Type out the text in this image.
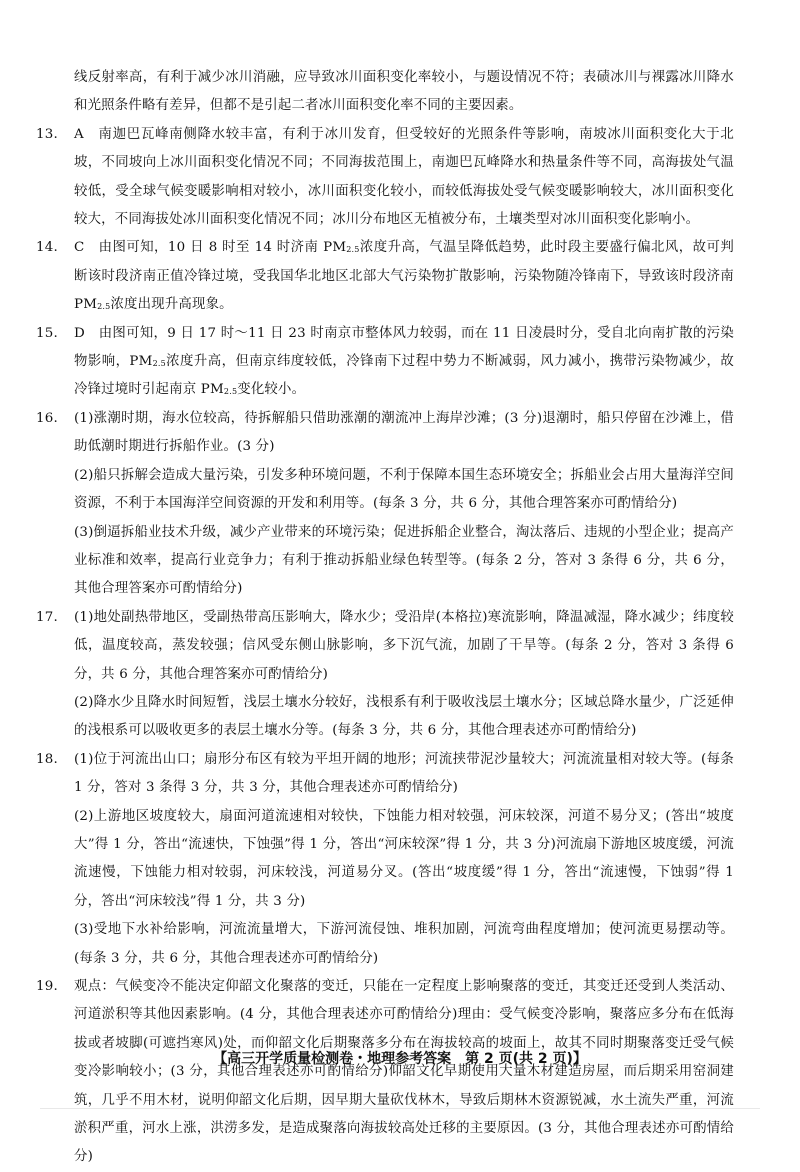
线反射率高，有利于减少冰川消融，应导致冰川面积变化率较小，与题设情况不符；表碛冰川与裸露冰川降水和光照条件略有差异，但都不是引起二者冰川面积变化率不同的主要因素。

13.	A　南迦巴瓦峰南侧降水较丰富，有利于冰川发育，但受较好的光照条件等影响，南坡冰川面积变化大于北坡，不同坡向上冰川面积变化情况不同；不同海拔范围上，南迦巴瓦峰降水和热量条件等不同，高海拔处气温较低，受全球气候变暖影响相对较小，冰川面积变化较小，而较低海拔处受气候变暖影响较大，冰川面积变化较大，不同海拔处冰川面积变化情况不同；冰川分布地区无植被分布，土壤类型对冰川面积变化影响小。
14.	C　由图可知，10 日 8 时至 14 时济南 $PM_{2.5}$浓度升高，气温呈降低趋势，此时段主要盛行偏北风，故可判断该时段济南正值冷锋过境，受我国华北地区北部大气污染物扩散影响，污染物随冷锋南下，导致该时段济南 $PM_{2.5}$浓度出现升高现象。
15.	D　由图可知，9 日 17 时～11 日 23 时南京市整体风力较弱，而在 11 日凌晨时分，受自北向南扩散的污染物影响，$PM_{2.5}$浓度升高，但南京纬度较低，冷锋南下过程中势力不断减弱，风力减小，携带污染物减少，故冷锋过境时引起南京 $PM_{2.5}$变化较小。
16.	(1)涨潮时期，海水位较高，待拆解船只借助涨潮的潮流冲上海岸沙滩；(3 分)退潮时，船只停留在沙滩上，借助低潮时期进行拆船作业。(3 分)

(2)船只拆解会造成大量污染，引发多种环境问题，不利于保障本国生态环境安全；拆船业会占用大量海洋空间资源，不利于本国海洋空间资源的开发和利用等。(每条 3 分，共 6 分，其他合理答案亦可酌情给分)

(3)倒逼拆船业技术升级，减少产业带来的环境污染；促进拆船企业整合，淘汰落后、违规的小型企业；提高产业标准和效率，提高行业竞争力；有利于推动拆船业绿色转型等。(每条 2 分，答对 3 条得 6 分，共 6 分，其他合理答案亦可酌情给分)

17.	(1)地处副热带地区，受副热带高压影响大，降水少；受沿岸(本格拉)寒流影响，降温减湿，降水减少；纬度较低，温度较高，蒸发较强；信风受东侧山脉影响，多下沉气流，加剧了干旱等。(每条 2 分，答对 3 条得 6 分，共 6 分，其他合理答案亦可酌情给分)

(2)降水少且降水时间短暂，浅层土壤水分较好，浅根系有利于吸收浅层土壤水分；区域总降水量少，广泛延伸的浅根系可以吸收更多的表层土壤水分等。(每条 3 分，共 6 分，其他合理表述亦可酌情给分)

18.	(1)位于河流出山口；扇形分布区有较为平坦开阔的地形；河流挟带泥沙量较大；河流流量相对较大等。(每条 1 分，答对 3 条得 3 分，共 3 分，其他合理表述亦可酌情给分)

(2)上游地区坡度较大，扇面河道流速相对较快，下蚀能力相对较强，河床较深，河道不易分叉；(答出“坡度大”得 1 分，答出“流速快，下蚀强”得 1 分，答出“河床较深”得 1 分，共 3 分)河流扇下游地区坡度缓，河流流速慢，下蚀能力相对较弱，河床较浅，河道易分叉。(答出“坡度缓”得 1 分，答出“流速慢，下蚀弱”得 1 分，答出“河床较浅”得 1 分，共 3 分)

(3)受地下水补给影响，河流流量增大，下游河流侵蚀、堆积加剧，河流弯曲程度增加；使河流更易摆动等。(每条 3 分，共 6 分，其他合理表述亦可酌情给分)

19.	观点：气候变冷不能决定仰韶文化聚落的变迁，只能在一定程度上影响聚落的变迁，其变迁还受到人类活动、河道淤积等其他因素影响。(4 分，其他合理表述亦可酌情给分)理由：受气候变冷影响，聚落应多分布在低海拔或者坡脚(可遮挡寒风)处，而仰韶文化后期聚落多分布在海拔较高的坡面上，故其不同时期聚落变迁受气候变冷影响较小；(3 分，其他合理表述亦可酌情给分)仰韶文化早期使用大量木材建造房屋，而后期采用窑洞建筑，几乎不用木材，说明仰韶文化后期，因早期大量砍伐林木，导致后期林木资源锐减，水土流失严重，河流淤积严重，河水上涨，洪涝多发，是造成聚落向海拔较高处迁移的主要原因。(3 分，其他合理表述亦可酌情给分)
【高三开学质量检测卷・地理参考答案　第 2 页(共 2 页)】
